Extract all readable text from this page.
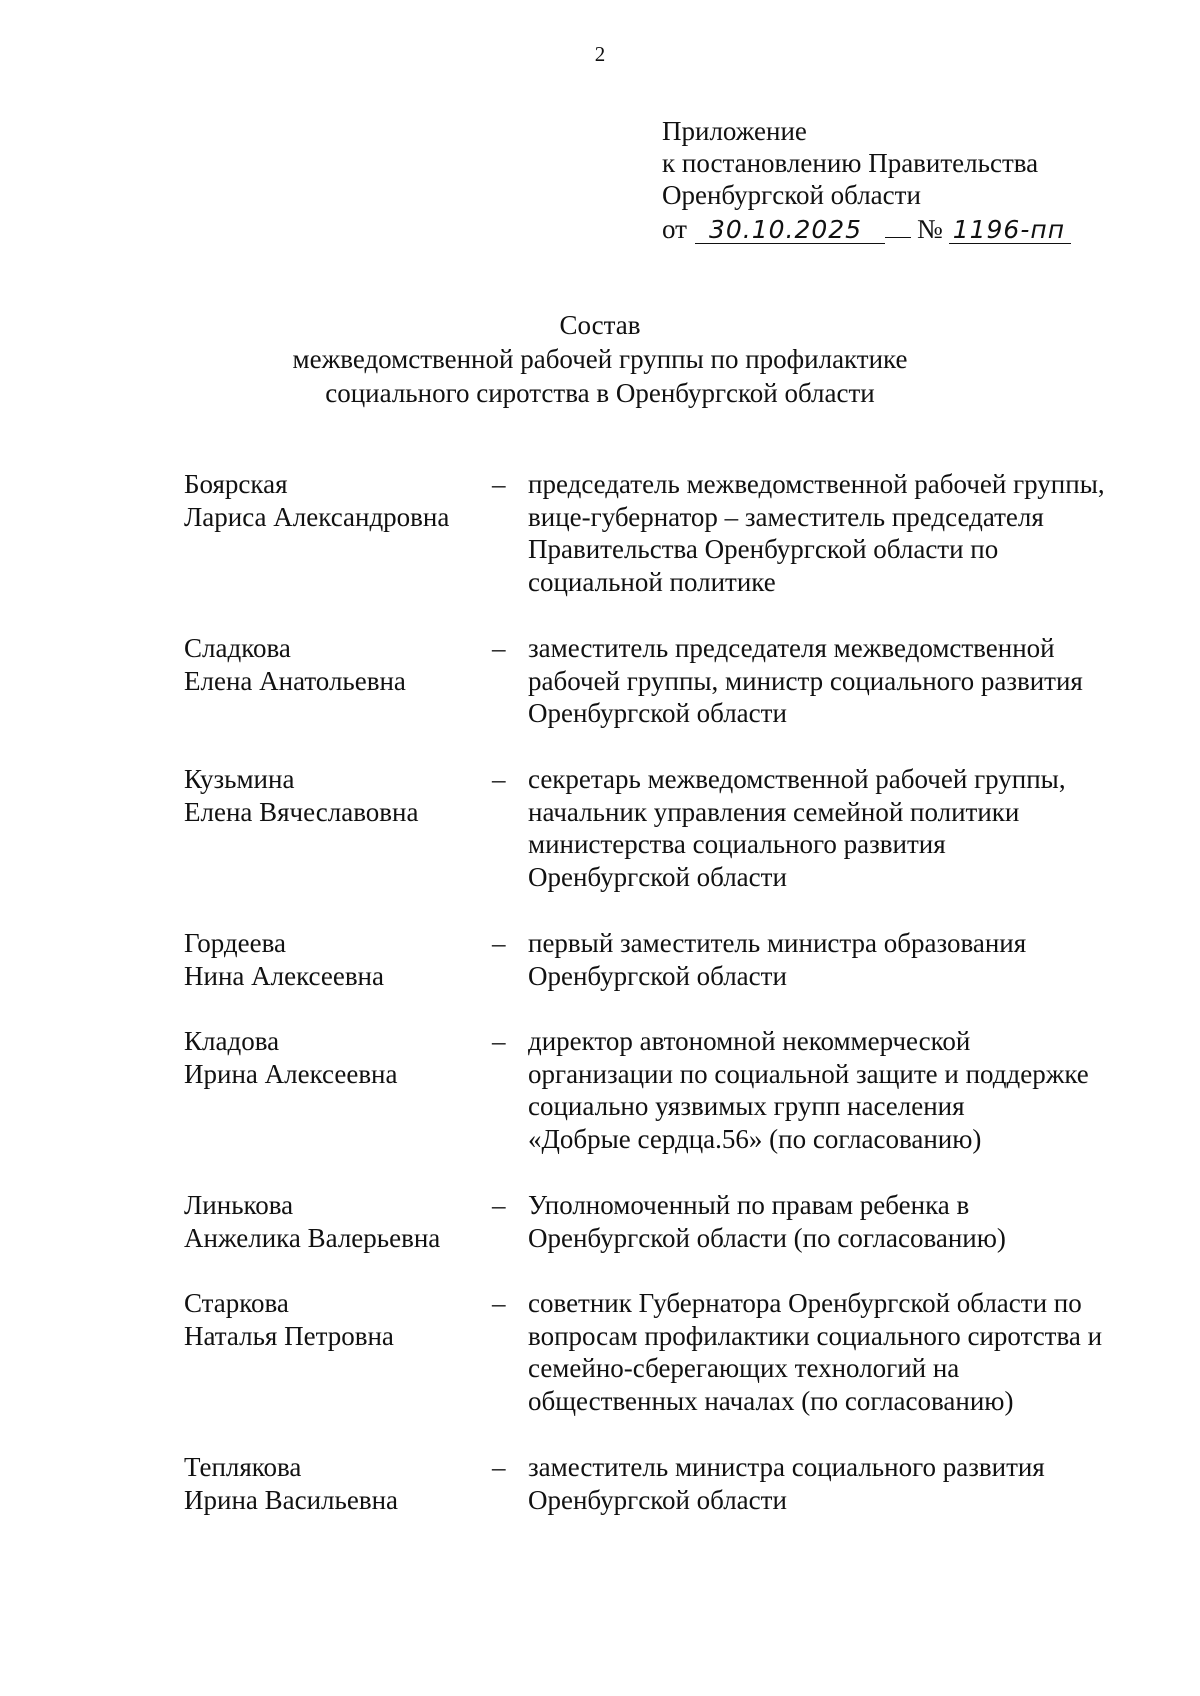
2
Приложение
к постановлению Правительства
Оренбургской области
от 30.10.2025	№ 1196-пп
Состав
межведомственной рабочей группы по профилактике
социального сиротства в Оренбургской области
Боярская
Лариса Александровна
– председатель межведомственной рабочей группы,
вице-губернатор – заместитель председателя
Правительства Оренбургской области по
социальной политике
Сладкова
Елена Анатольевна
– заместитель председателя межведомственной
рабочей группы, министр социального развития
Оренбургской области
Кузьмина
Елена Вячеславовна
– секретарь межведомственной рабочей группы,
начальник управления семейной политики
министерства социального развития
Оренбургской области
Гордеева
Нина Алексеевна
– первый заместитель министра образования
Оренбургской области
Кладова
Ирина Алексеевна
– директор автономной некоммерческой
организации по социальной защите и поддержке
социально уязвимых групп населения
«Добрые сердца.56» (по согласованию)
Линькова
Анжелика Валерьевна
– Уполномоченный по правам ребенка в
Оренбургской области (по согласованию)
Старкова
Наталья Петровна
– советник Губернатора Оренбургской области по
вопросам профилактики социального сиротства и
семейно-сберегающих технологий на
общественных началах (по согласованию)
Теплякова
Ирина Васильевна
– заместитель министра социального развития
Оренбургской области
